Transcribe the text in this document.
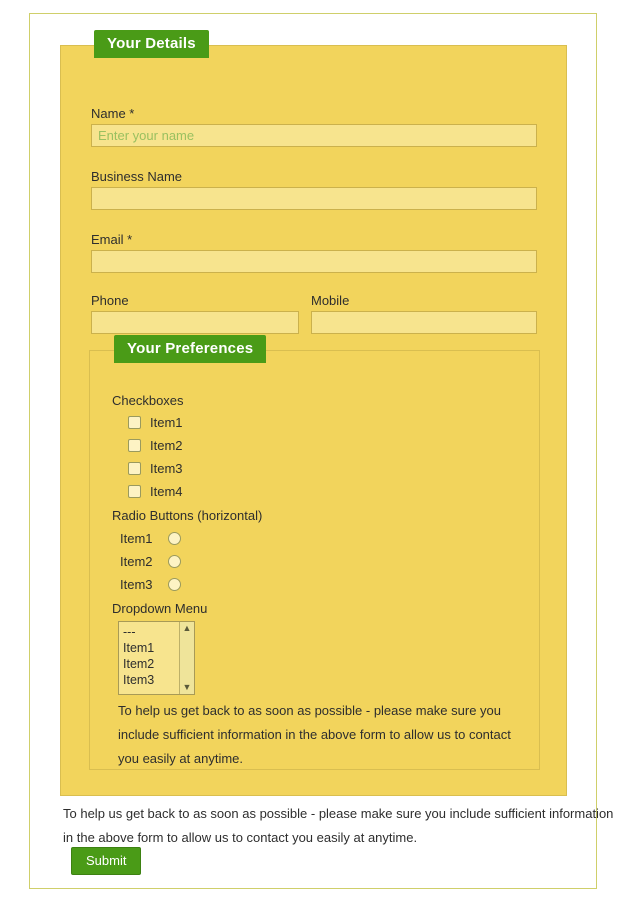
Your Details
Name *
Enter your name
Business Name
Email *
Phone	Mobile
Your Preferences
Checkboxes
Item1
Item2
Item3
Item4
Radio Buttons (horizontal)
Item1
Item2
Item3
Dropdown Menu
---
Item1
Item2
Item3
▲
▼
To help us get back to as soon as possible - please make sure you include sufficient information in the above form to allow us to contact you easily at anytime.
To help us get back to as soon as possible - please make sure you include sufficient information in the above form to allow us to contact you easily at anytime.
Submit
